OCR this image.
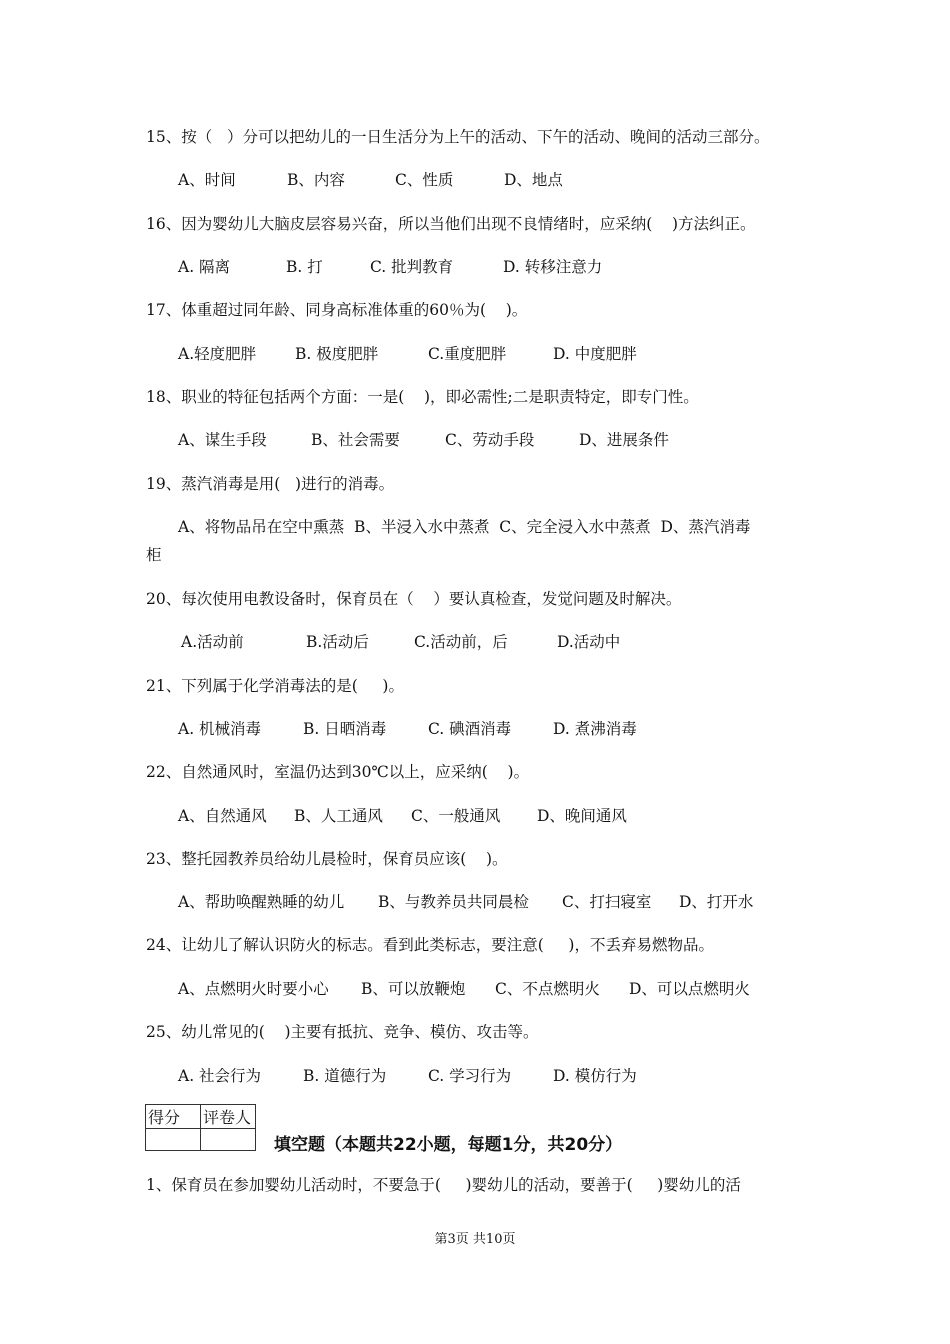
15、按（   ）分可以把幼儿的一日生活分为上午的活动、下午的活动、晚间的活动三部分。
A、时间	B、内容	C、性质	D、地点
16、因为婴幼儿大脑皮层容易兴奋，所以当他们出现不良情绪时，应采纳(    )方法纠正。
A. 隔离	B. 打	C. 批判教育	D. 转移注意力
17、体重超过同年龄、同身高标准体重的60％为(    )。
A.轻度肥胖	B. 极度肥胖	C.重度肥胖	D. 中度肥胖
18、职业的特征包括两个方面：一是(    )，即必需性;二是职责特定，即专门性。
A、谋生手段	B、社会需要	C、劳动手段	D、进展条件
19、蒸汽消毒是用(   )进行的消毒。
A、将物品吊在空中熏蒸  B、半浸入水中蒸煮  C、完全浸入水中蒸煮  D、蒸汽消毒
柜
20、每次使用电教设备时，保育员在（    ）要认真检查，发觉问题及时解决。
A.活动前	B.活动后	C.活动前，后	D.活动中
21、下列属于化学消毒法的是(     )。
A. 机械消毒	B. 日晒消毒	C. 碘酒消毒	D. 煮沸消毒
22、自然通风时，室温仍达到30℃以上，应采纳(    )。
A、自然通风 B、人工通风 C、一般通风 D、晚间通风
23、整托园教养员给幼儿晨检时，保育员应该(    )。
A、帮助唤醒熟睡的幼儿 B、与教养员共同晨检 C、打扫寝室 D、打开水
24、让幼儿了解认识防火的标志。看到此类标志，要注意(     )，不丢弃易燃物品。
A、点燃明火时要小心 B、可以放鞭炮 C、不点燃明火 D、可以点燃明火
25、幼儿常见的(    )主要有抵抗、竞争、模仿、攻击等。
A. 社会行为	B. 道德行为	C. 学习行为	D. 模仿行为
得分	评卷人

填空题（本题共22小题，每题1分，共20分）
1、保育员在参加婴幼儿活动时，不要急于(     )婴幼儿的活动，要善于(     )婴幼儿的活
第3页 共10页
